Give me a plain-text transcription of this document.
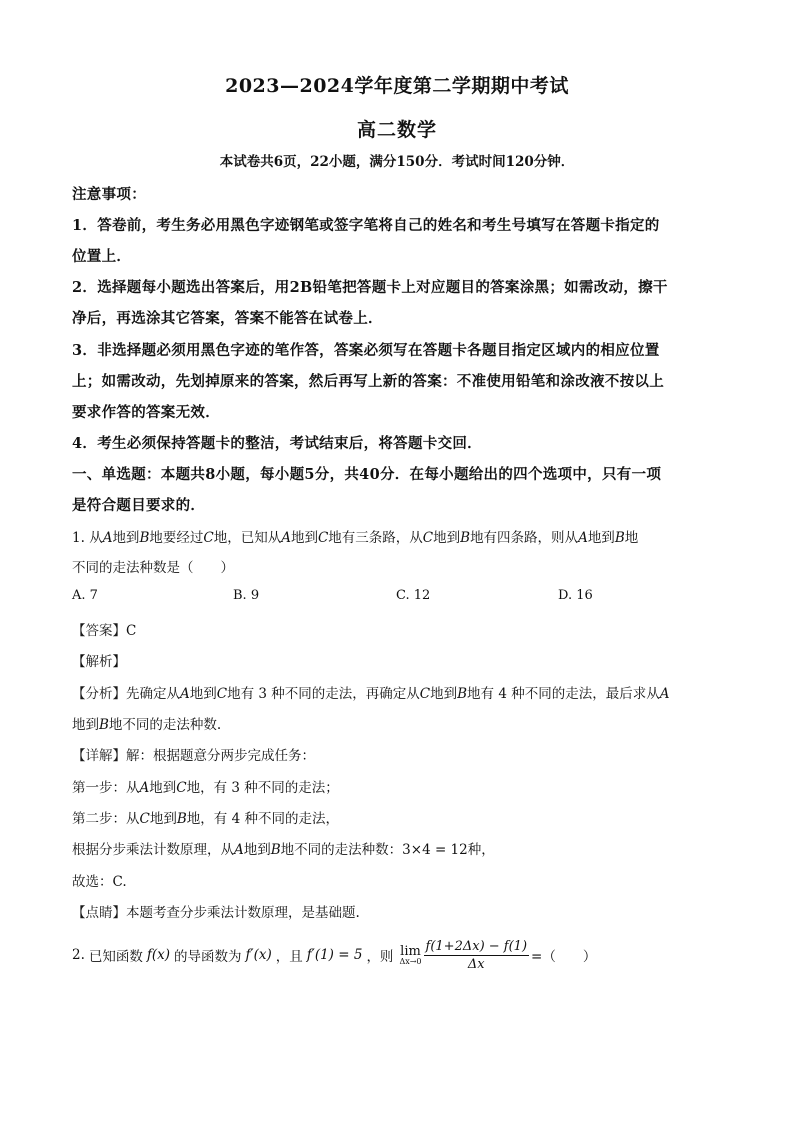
2023—2024学年度第二学期期中考试
高二数学
本试卷共6页，22小题，满分150分．考试时间120分钟．
注意事项：
1．答卷前，考生务必用黑色字迹钢笔或签字笔将自己的姓名和考生号填写在答题卡指定的
位置上．
2．选择题每小题选出答案后，用2B铅笔把答题卡上对应题目的答案涂黑；如需改动，擦干
净后，再选涂其它答案，答案不能答在试卷上．
3．非选择题必须用黑色字迹的笔作答，答案必须写在答题卡各题目指定区域内的相应位置
上；如需改动，先划掉原来的答案，然后再写上新的答案：不准使用铅笔和涂改液不按以上
要求作答的答案无效．
4．考生必须保持答题卡的整洁，考试结束后，将答题卡交回．
一、单选题：本题共8小题，每小题5分，共40分．在每小题给出的四个选项中，只有一项
是符合题目要求的．
1. 从A地到B地要经过C地，已知从A地到C地有三条路，从C地到B地有四条路，则从A地到B地
不同的走法种数是（　　）
A. 7	B. 9	C. 12	D. 16
【答案】C
【解析】
【分析】先确定从A地到C地有 3 种不同的走法，再确定从C地到B地有 4 种不同的走法，最后求从A
地到B地不同的走法种数.
【详解】解：根据题意分两步完成任务：
第一步：从A地到C地，有 3 种不同的走法；
第二步：从C地到B地，有 4 种不同的走法，
根据分步乘法计数原理，从A地到B地不同的走法种数：3×4 = 12种，
故选：C.
【点睛】本题考查分步乘法计数原理，是基础题.
2. 已知函数 f(x) 的导函数为 f′(x) ，且 f′(1) = 5 ，则 lim
$\Delta x\to 0 \frac{f(1+2\Delta x) - f(1)}{\Delta x}$ =（　　）
